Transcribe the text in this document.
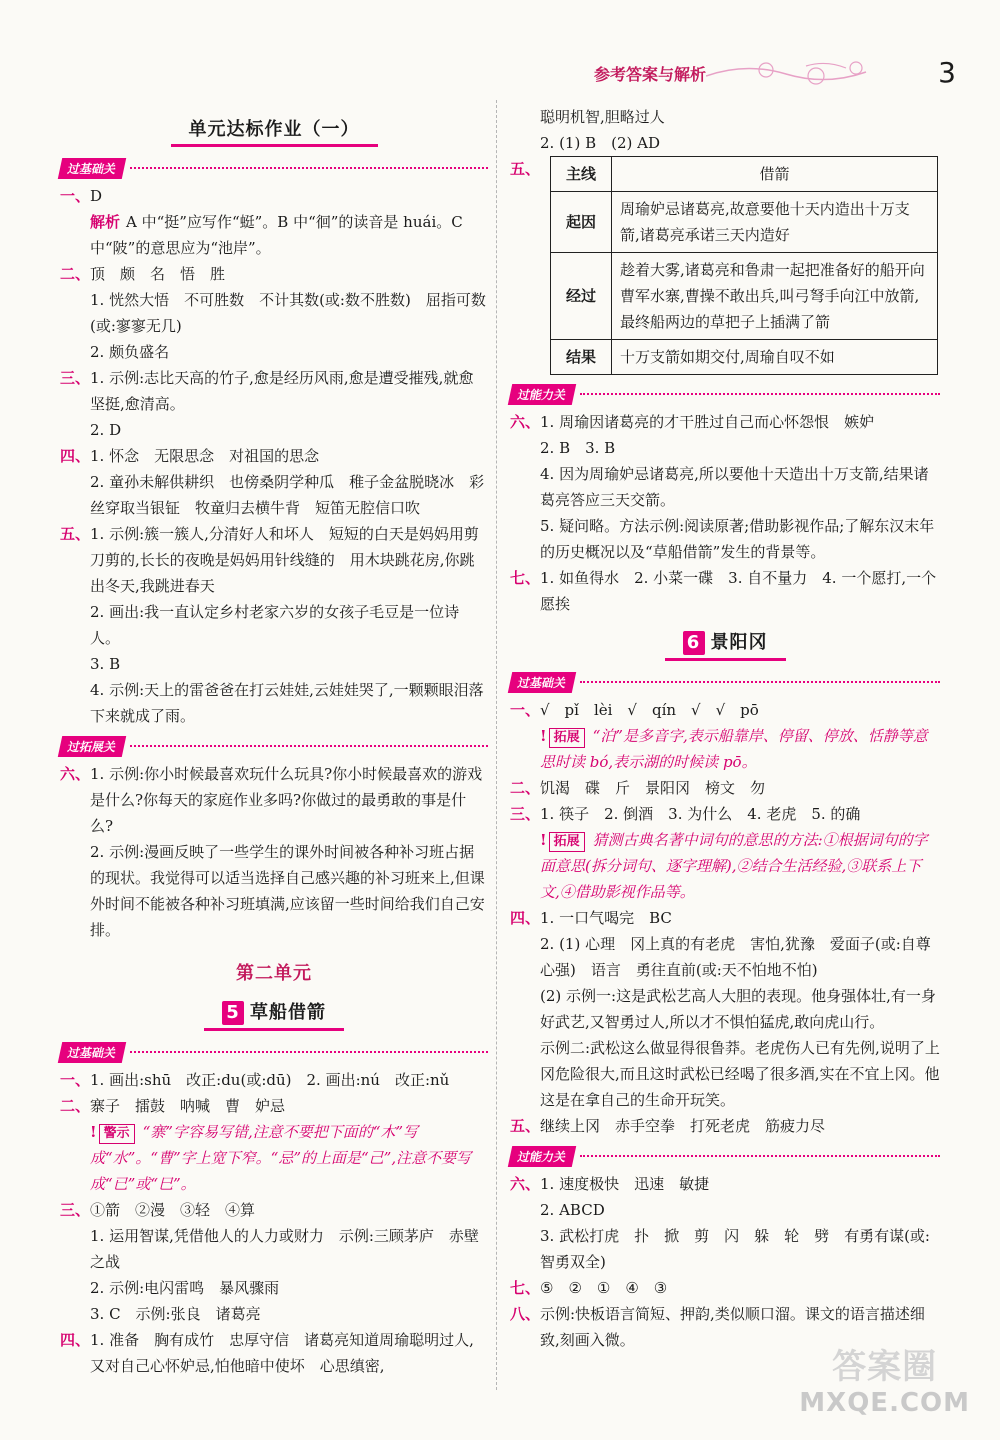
参考答案与解析	3
单元达标作业（一）
过基础关
一、 D
解析 A 中“挺”应写作“蜓”。B 中“徊”的读音是 huái。C 中“陂”的意思应为“池岸”。
二、 顶　颇　名　悟　胜
1. 恍然大悟　不可胜数　不计其数(或:数不胜数)　屈指可数(或:寥寥无几)
2. 颇负盛名
三、 1. 示例:志比天高的竹子,愈是经历风雨,愈是遭受摧残,就愈坚挺,愈清高。
2. D
四、 1. 怀念　无限思念　对祖国的思念
2. 童孙未解供耕织　也傍桑阴学种瓜　稚子金盆脱晓冰　彩丝穿取当银钲　牧童归去横牛背　短笛无腔信口吹
五、 1. 示例:簇一簇人,分清好人和坏人　短短的白天是妈妈用剪刀剪的,长长的夜晚是妈妈用针线缝的　用木块跳花房,你跳出冬天,我跳进春天
2. 画出:我一直认定乡村老家六岁的女孩子毛豆是一位诗人。
3. B
4. 示例:天上的雷爸爸在打云娃娃,云娃娃哭了,一颗颗眼泪落下来就成了雨。
过拓展关
六、 1. 示例:你小时候最喜欢玩什么玩具?你小时候最喜欢的游戏是什么?你每天的家庭作业多吗?你做过的最勇敢的事是什么?
2. 示例:漫画反映了一些学生的课外时间被各种补习班占据的现状。我觉得可以适当选择自己感兴趣的补习班来上,但课外时间不能被各种补习班填满,应该留一些时间给我们自己安排。
第二单元
5 草船借箭
过基础关
一、 1. 画出:shū　改正:du(或:dū)　2. 画出:nú　改正:nǔ
二、 寨子　擂鼓　呐喊　曹　妒忌
! 警示 “寨”字容易写错,注意不要把下面的“木”写成“水”。“曹”字上宽下窄。“忌”的上面是“己”,注意不要写成“已”或“巳”。
三、 ①箭　②漫　③轻　④算
1. 运用智谋,凭借他人的人力或财力　示例:三顾茅庐　赤壁之战
2. 示例:电闪雷鸣　暴风骤雨
3. C　示例:张良　诸葛亮
四、 1. 准备　胸有成竹　忠厚守信　诸葛亮知道周瑜聪明过人,又对自己心怀妒忌,怕他暗中使坏　心思缜密,
聪明机智,胆略过人
2. (1) B　(2) AD
五、 主线	借箭
起因	周瑜妒忌诸葛亮,故意要他十天内造出十万支箭,诸葛亮承诺三天内造好
经过	趁着大雾,诸葛亮和鲁肃一起把准备好的船开向曹军水寨,曹操不敢出兵,叫弓弩手向江中放箭,最终船两边的草把子上插满了箭
结果	十万支箭如期交付,周瑜自叹不如
过能力关
六、 1. 周瑜因诸葛亮的才干胜过自己而心怀怨恨　嫉妒
2. B　3. B
4. 因为周瑜妒忌诸葛亮,所以要他十天造出十万支箭,结果诸葛亮答应三天交箭。
5. 疑问略。方法示例:阅读原著;借助影视作品;了解东汉末年的历史概况以及“草船借箭”发生的背景等。
七、 1. 如鱼得水　2. 小菜一碟　3. 自不量力　4. 一个愿打,一个愿挨
6 景阳冈
过基础关
一、 √　pǐ　lèi　√　qín　√　√　pō
! 拓展 “泊”是多音字,表示船靠岸、停留、停放、恬静等意思时读 bó,表示湖的时候读 pō。
二、 饥渴　碟　斤　景阳冈　榜文　勿
三、 1. 筷子　2. 倒酒　3. 为什么　4. 老虎　5. 的确
! 拓展 猜测古典名著中词句的意思的方法:①根据词句的字面意思(拆分词句、逐字理解),②结合生活经验,③联系上下文,④借助影视作品等。
四、 1. 一口气喝完　BC
2. (1) 心理　冈上真的有老虎　害怕,犹豫　爱面子(或:自尊心强)　语言　勇往直前(或:天不怕地不怕)
(2) 示例一:这是武松艺高人大胆的表现。他身强体壮,有一身好武艺,又智勇过人,所以才不惧怕猛虎,敢向虎山行。
示例二:武松这么做显得很鲁莽。老虎伤人已有先例,说明了上冈危险很大,而且这时武松已经喝了很多酒,实在不宜上冈。他这是在拿自己的生命开玩笑。
五、 继续上冈　赤手空拳　打死老虎　筋疲力尽
过能力关
六、 1. 速度极快　迅速　敏捷
2. ABCD
3. 武松打虎　扑　掀　剪　闪　躲　轮　劈　有勇有谋(或:智勇双全)
七、 ⑤　②　①　④　③
八、 示例:快板语言简短、押韵,类似顺口溜。课文的语言描述细致,刻画入微。
答案圈
MXQE.COM
